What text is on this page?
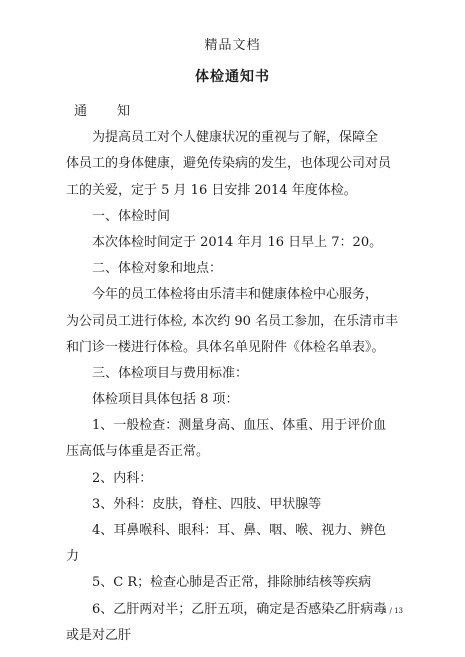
精品文档
体检通知书
通 知
为提高员工对个人健康状况的重视与了解，保障全
体员工的身体健康，避免传染病的发生，也体现公司对员
工的关爱，定于 5 月 16 日安排 2014 年度体检。
一、体检时间
本次体检时间定于 2014 年月 16 日早上 7：20。
二、体检对象和地点：
今年的员工体检将由乐清丰和健康体检中心服务，
为公司员工进行体检, 本次约 90 名员工参加，在乐清市丰
和门诊一楼进行体检。具体名单见附件《体检名单表》。
三、体检项目与费用标准：
体检项目具体包括 8 项：
1、一般检查：测量身高、血压、体重、用于评价血
压高低与体重是否正常。
2、内科：
3、外科：皮肤，脊柱、四肢、甲状腺等
4、耳鼻喉科、眼科：耳、鼻、咽、喉、视力、辨色
力
5、C R；检查心肺是否正常，排除肺结核等疾病
6、乙肝两对半；乙肝五项，确定是否感染乙肝病毒
或是对乙肝
1 / 13
